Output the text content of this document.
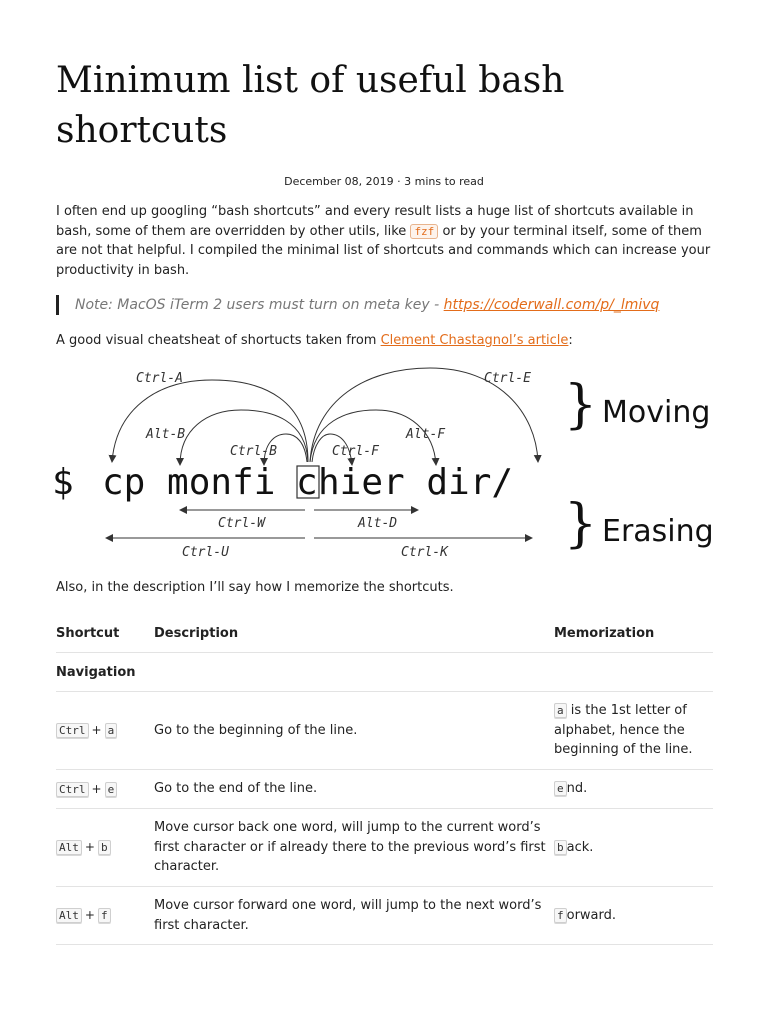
Minimum list of useful bash shortcuts
December 08, 2019 · 3 mins to read

I often end up googling “bash shortcuts” and every result lists a huge list of shortcuts available in bash, some of them are overridden by other utils, like fzf or by your terminal itself, some of them are not that helpful. I compiled the minimal list of shortcuts and commands which can increase your productivity in bash.

Note: MacOS iTerm 2 users must turn on meta key - https://coderwall.com/p/_lmivq

A good visual cheatsheat of shortucts taken from Clement Chastagnol’s article:

Ctrl-A	Ctrl-E
Alt-B	Alt-F
Ctrl-B	Ctrl-F
Ctrl-W	Alt-D
Ctrl-U	Ctrl-K
$ cp monfi c hier dir/
} Moving
} Erasing

Also, in the description I’ll say how I memorize the shortcuts.

Shortcut	Description	Memorization
Navigation		
Ctrl + a	Go to the beginning of the line.	a is the 1st letter of alphabet, hence the beginning of the line.
Ctrl + e	Go to the end of the line.	e nd.
Alt + b	Move cursor back one word, will jump to the current word’s first character or if already there to the previous word’s first character.	b ack.
Alt + f	Move cursor forward one word, will jump to the next word’s first character.	f orward.
